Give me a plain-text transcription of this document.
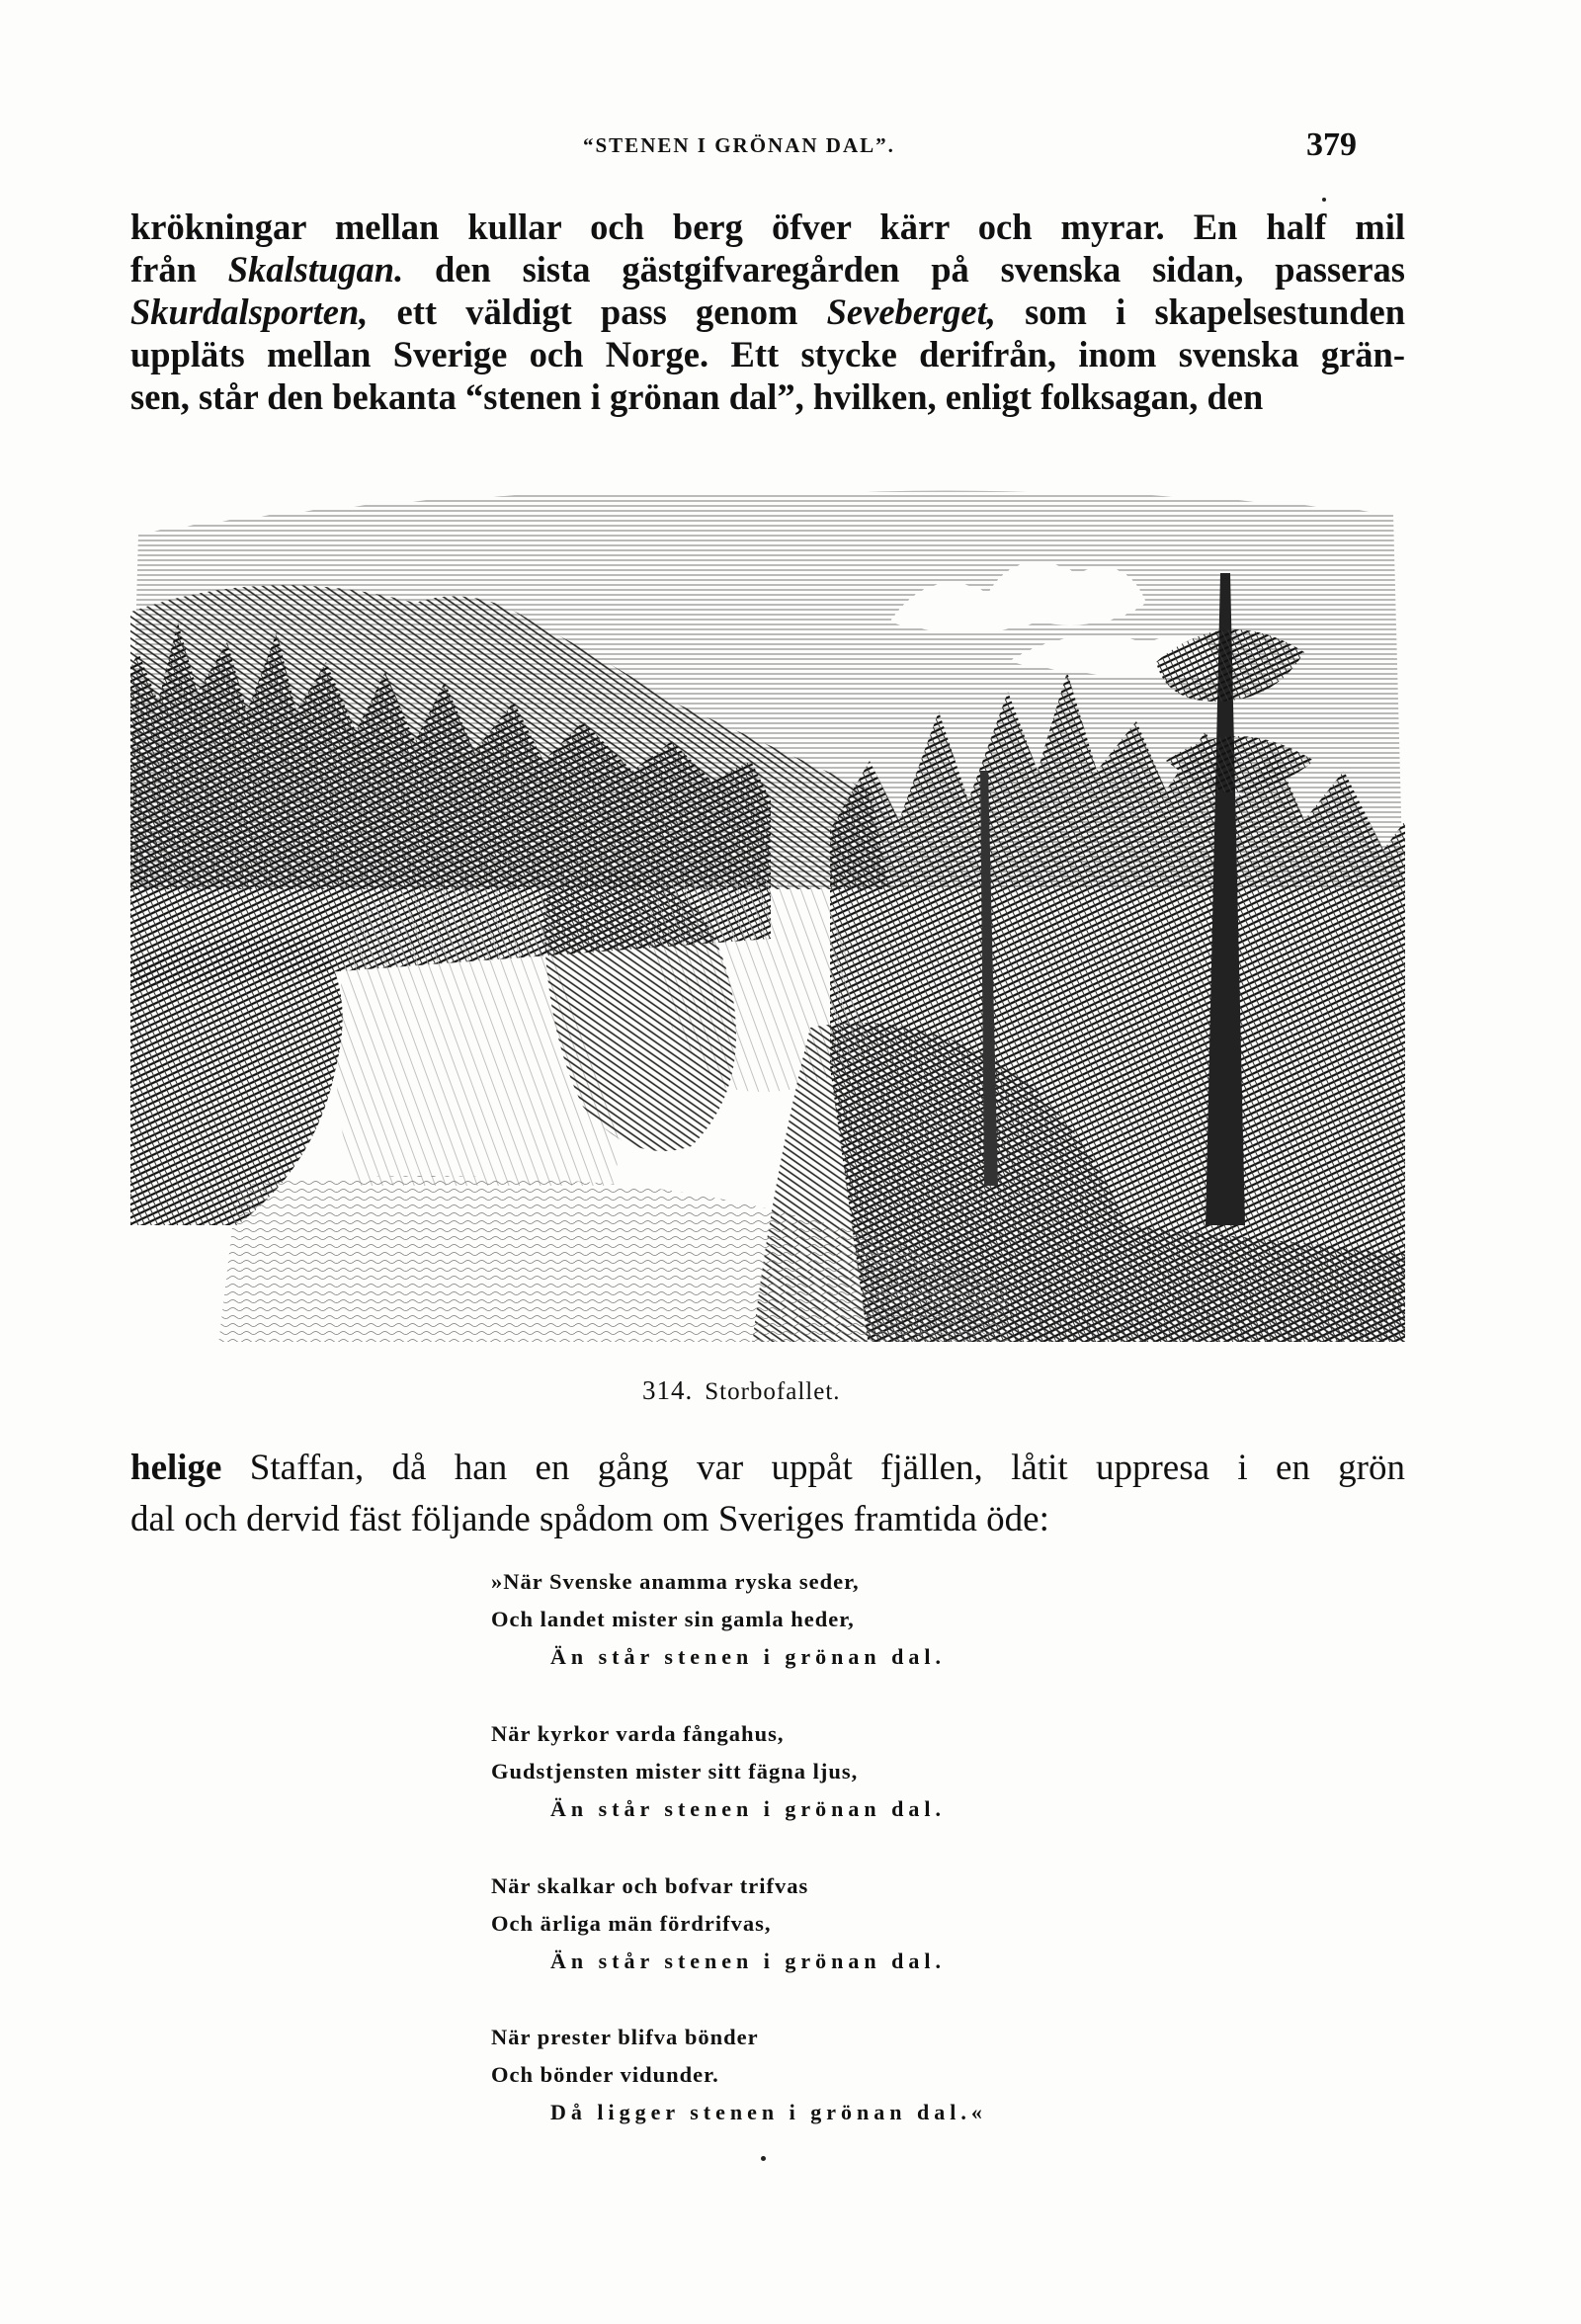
“STENEN I GRÖNAN DAL”.	379
krökningar mellan kullar och berg öfver kärr och myrar. En half mil
från Skalstugan. den sista gästgifvaregården på svenska sidan, passeras
Skurdalsporten, ett väldigt pass genom Seveberget, som i skapelsestunden
uppläts mellan Sverige och Norge. Ett stycke derifrån, inom svenska grän-
sen, står den bekanta “stenen i grönan dal”, hvilken, enligt folksagan, den
314. Storbofallet.
helige Staffan, då han en gång var uppåt fjällen, låtit uppresa i en grön
dal och dervid fäst följande spådom om Sveriges framtida öde:
»När Svenske anamma ryska seder,
Och landet mister sin gamla heder,
Än står stenen i grönan dal.
När kyrkor varda fångahus,
Gudstjensten mister sitt fägna ljus,
Än står stenen i grönan dal.
När skalkar och bofvar trifvas
Och ärliga män fördrifvas,
Än står stenen i grönan dal.
När prester blifva bönder
Och bönder vidunder.
Då ligger stenen i grönan dal.«
